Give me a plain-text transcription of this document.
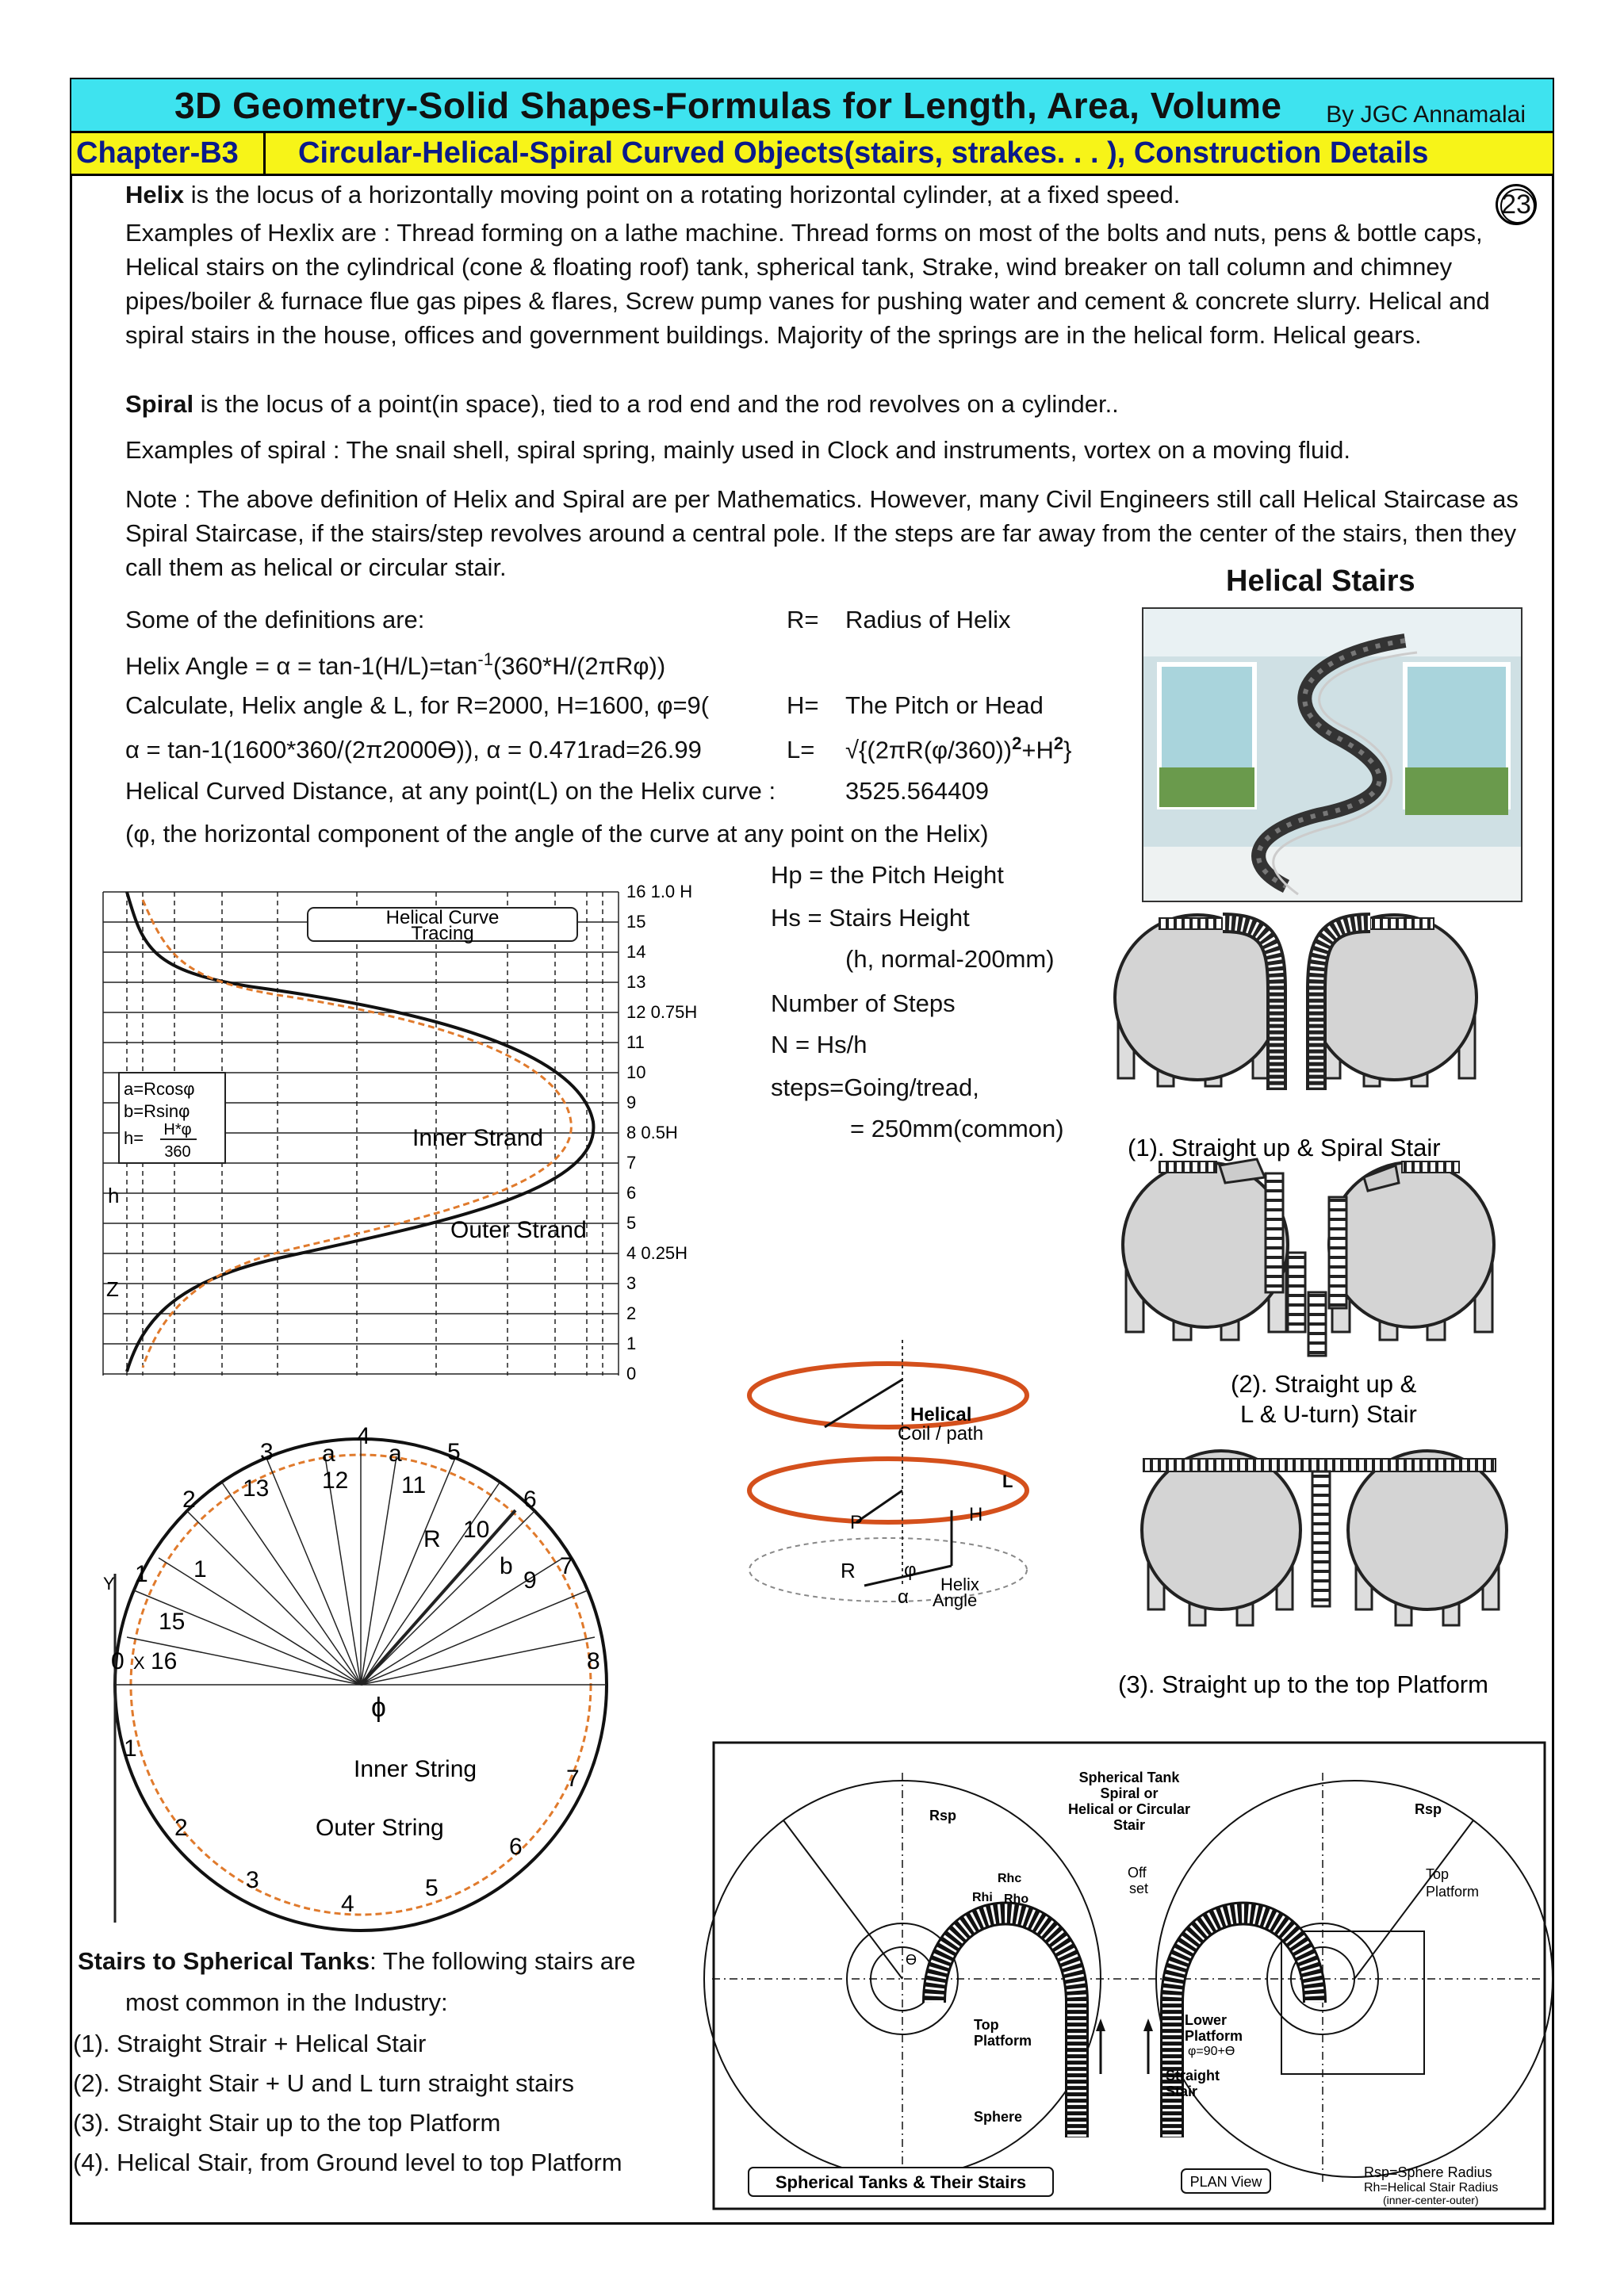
3D Geometry-Solid Shapes-Formulas for Length, Area, Volume By JGC Annamalai
Chapter-B3 Circular-Helical-Spiral Curved Objects(stairs, strakes. . . ), Construction Details
23
Helix is the locus of a horizontally moving point on a rotating horizontal cylinder, at a fixed speed.
Examples of Hexlix are : Thread forming on a lathe machine. Thread forms on most of the bolts and nuts, pens & bottle caps, Helical stairs on the cylindrical (cone & floating roof) tank, spherical tank, Strake, wind breaker on tall column and chimney pipes/boiler & furnace flue gas pipes & flares, Screw pump vanes for pushing water and cement & concrete slurry. Helical and spiral stairs in the house, offices and government buildings. Majority of the springs are in the helical form. Helical gears.
Spiral is the locus of a point(in space), tied to a rod end and the rod revolves on a cylinder..
Examples of spiral : The snail shell, spiral spring, mainly used in Clock and instruments, vortex on a moving fluid.
Note : The above definition of Helix and Spiral are per Mathematics. However, many Civil Engineers still call Helical Staircase as Spiral Staircase, if the stairs/step revolves around a central pole. If the steps are far away from the center of the stairs, then they call them as helical or circular stair.
Some of the definitions are:
Helix Angle = $\alpha = \tan-1(H/L)=\tan^{-1}(360*H/(2\pi R\varphi))$
Calculate, Helix angle & L, for R=2000, H=1600, φ=9(
α = tan-1(1600*360/(2π2000Ө)), α = 0.471rad=26.99
Helical Curved Distance, at any point(L) on the Helix curve :	3525.564409
(φ, the horizontal component of the angle of the curve at any point on the Helix)
R= Radius of Helix
H= The Pitch or Head
$L= √\{(2\pi R(\varphi/360))^2+H^2\}$
Hp = the Pitch Height
Hs = Stairs Height
(h, normal-200mm)
Number of Steps
N = Hs/h
steps=Going/tread,
= 250mm(common)
Helical Stairs
(1). Straight up & Spiral Stair
(2). Straight up &
L & U-turn) Stair
(3). Straight up to the top Platform
16 1.0 H
15
14
13
12 0.75H
11
10
9
8 0.5H
7
6
5
4 0.25H
3
2
1
0
Helical Curve
Tracing
a=Rcosφ
b=Rsinφ
h= H*φ
360
Inner Strand
Outer Strand
h
Z
13 12 11
10
9
1
15
16
1
2
3
4
5
6
7
8
1
2
3
4
5
6
7
a a
b
R
ɸ
0 X
Y
Inner String
Outer String
Helical
Coil / path
P
R
H
L
φ
α
Helix
Angle
Stairs to Spherical Tanks: The following stairs are
most common in the Industry:
(1). Straight Strair + Helical Stair
(2). Straight Stair + U and L turn straight stairs
(3). Straight Stair up to the top Platform
(4). Helical Stair, from Ground level to top Platform
Spherical Tank
Spiral or
Helical or Circular
Stair
Rsp	Rsp
Top
Platform
Lower
Platform
Sphere
Straight
Stair
Rhc
Rhi Rho
Off
set
Top
Platform
φ=90+Ө
Ө
Spherical Tanks & Their Stairs	PLAN View
Rsp=Sphere Radius
Rh=Helical Stair Radius
(inner-center-outer)
